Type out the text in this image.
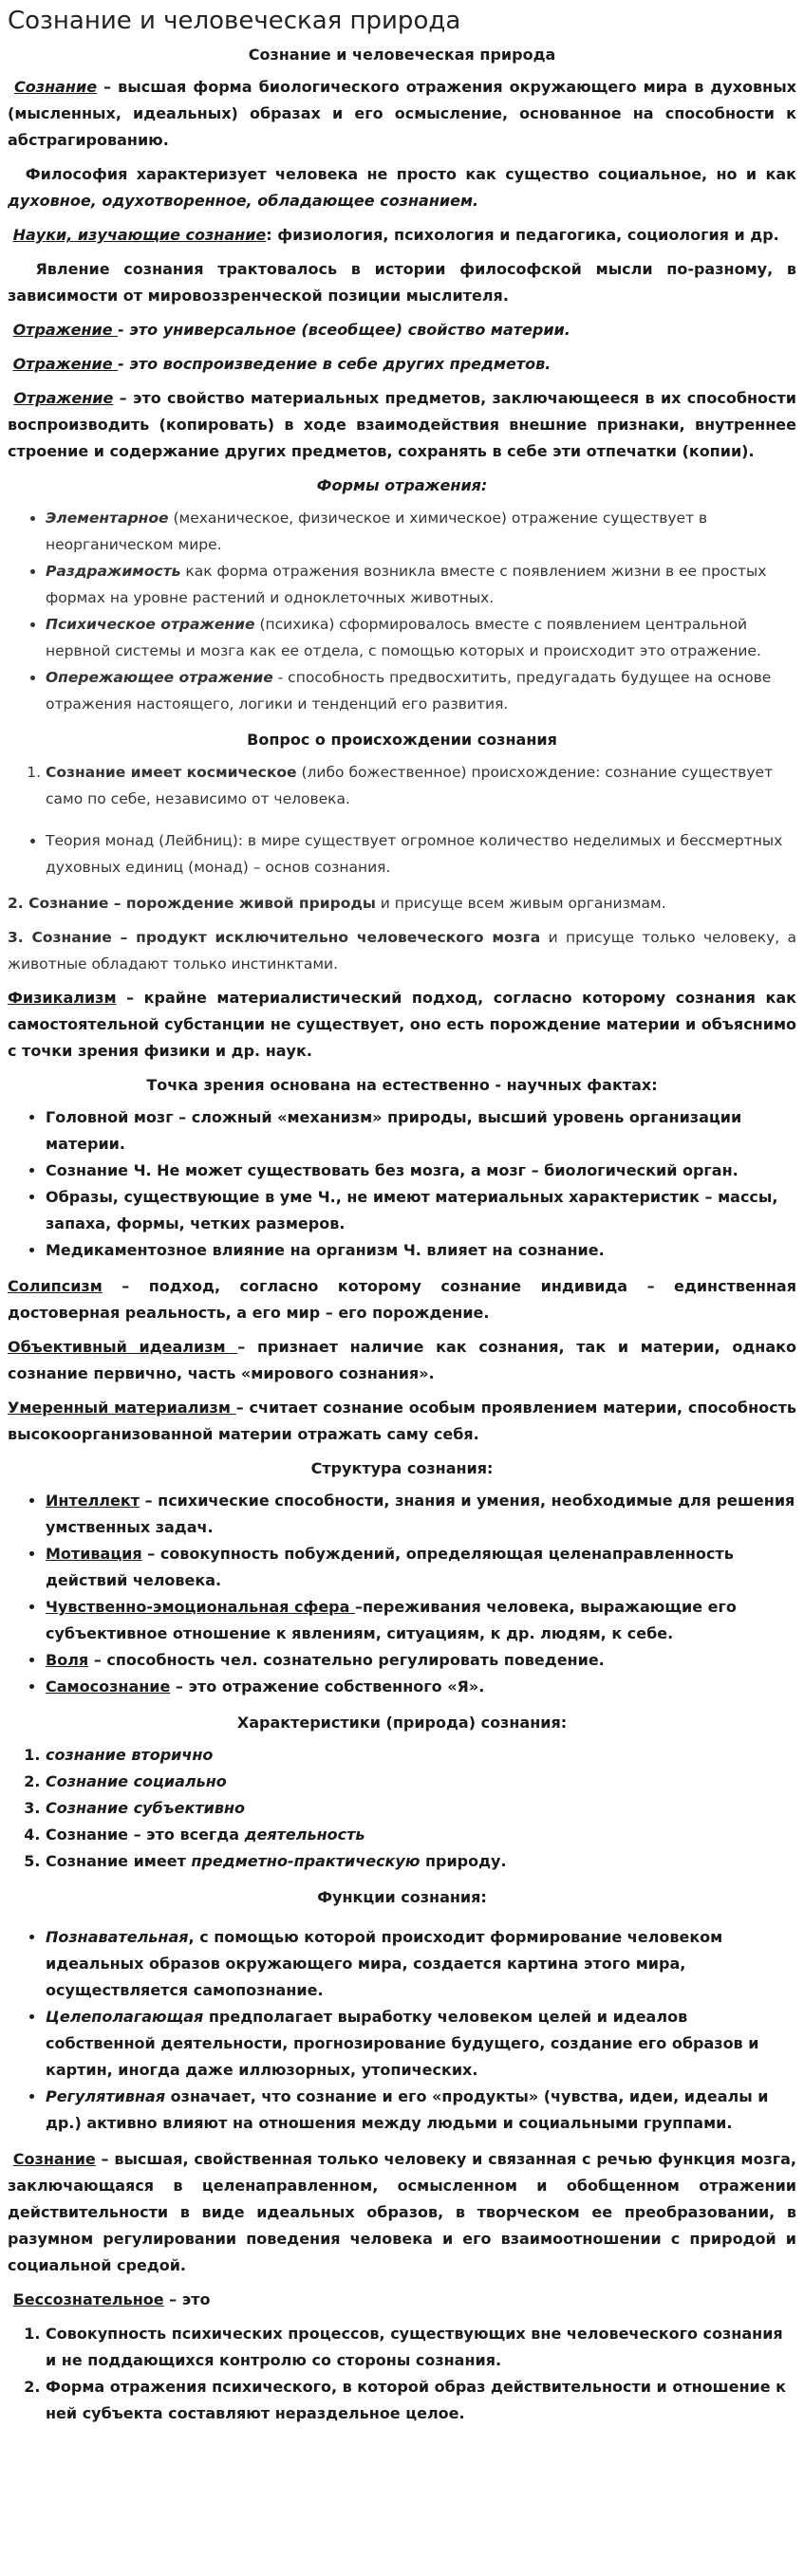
Сознание и человеческая природа
Сознание и человеческая природа

Сознание – высшая форма биологического отражения окружающего мира в духовных (мысленных, идеальных) образах и его осмысление, основанное на способности к абстрагированию.

Философия характеризует человека не просто как существо социальное, но и как духовное, одухотворенное, обладающее сознанием.

Науки, изучающие сознание: физиология, психология и педагогика, социология и др.

Явление сознания трактовалось в истории философской мысли по-разному, в зависимости от мировоззренческой позиции мыслителя.

Отражение - это универсальное (всеобщее) свойство материи.

Отражение - это воспроизведение в себе других предметов.

Отражение – это свойство материальных предметов, заключающееся в их способности воспроизводить (копировать) в ходе взаимодействия внешние признаки, внутреннее строение и содержание других предметов, сохранять в себе эти отпечатки (копии).

Формы отражения:
• Элементарное (механическое, физическое и химическое) отражение существует в неорганическом мире.
• Раздражимость как форма отражения возникла вместе с появлением жизни в ее простых формах на уровне растений и одноклеточных животных.
• Психическое отражение (психика) сформировалось вместе с появлением центральной нервной системы и мозга как ее отдела, с помощью которых и происходит это отражение.
• Опережающее отражение - способность предвосхитить, предугадать будущее на основе отражения настоящего, логики и тенденций его развития.
Вопрос о происхождении сознания
1. Сознание имеет космическое (либо божественное) происхождение: сознание существует само по себе, независимо от человека.
• Теория монад (Лейбниц): в мире существует огромное количество неделимых и бессмертных духовных единиц (монад) – основ сознания.

2. Сознание – порождение живой природы и присуще всем живым организмам.

3. Сознание – продукт исключительно человеческого мозга и присуще только человеку, а животные обладают только инстинктами.

Физикализм – крайне материалистический подход, согласно которому сознания как самостоятельной субстанции не существует, оно есть порождение материи и объяснимо с точки зрения физики и др. наук.

Точка зрения основана на естественно - научных фактах:
• Головной мозг – сложный «механизм» природы, высший уровень организации материи.
• Сознание Ч. Не может существовать без мозга, а мозг – биологический орган.
• Образы, существующие в уме Ч., не имеют материальных характеристик – массы, запаха, формы, четких размеров.
• Медикаментозное влияние на организм Ч. влияет на сознание.

Солипсизм – подход, согласно которому сознание индивида – единственная достоверная реальность, а его мир – его порождение.

Объективный идеализм – признает наличие как сознания, так и материи, однако сознание первично, часть «мирового сознания».

Умеренный материализм – считает сознание особым проявлением материи, способность высокоорганизованной материи отражать саму себя.

Структура сознания:
• Интеллект – психические способности, знания и умения, необходимые для решения умственных задач.
• Мотивация – совокупность побуждений, определяющая целенаправленность действий человека.
• Чувственно-эмоциональная сфера –переживания человека, выражающие его субъективное отношение к явлениям, ситуациям, к др. людям, к себе.
• Воля – способность чел. сознательно регулировать поведение.
• Самосознание – это отражение собственного «Я».
Характеристики (природа) сознания:
1. сознание вторично
2. Сознание социально
3. Сознание субъективно
4. Сознание – это всегда деятельность
5. Сознание имеет предметно-практическую природу.
Функции сознания:
• Познавательная, с помощью которой происходит формирование человеком идеальных образов окружающего мира, создается картина этого мира, осуществляется самопознание.
• Целеполагающая предполагает выработку человеком целей и идеалов собственной деятельности, прогнозирование будущего, создание его образов и картин, иногда даже иллюзорных, утопических.
• Регулятивная означает, что сознание и его «продукты» (чувства, идеи, идеалы и др.) активно влияют на отношения между людьми и социальными группами.

Сознание – высшая, свойственная только человеку и связанная с речью функция мозга, заключающаяся в целенаправленном, осмысленном и обобщенном отражении действительности в виде идеальных образов, в творческом ее преобразовании, в разумном регулировании поведения человека и его взаимоотношении с природой и социальной средой.

Бессознательное – это

1. Совокупность психических процессов, существующих вне человеческого сознания и не поддающихся контролю со стороны сознания.
2. Форма отражения психического, в которой образ действительности и отношение к ней субъекта составляют нераздельное целое.
